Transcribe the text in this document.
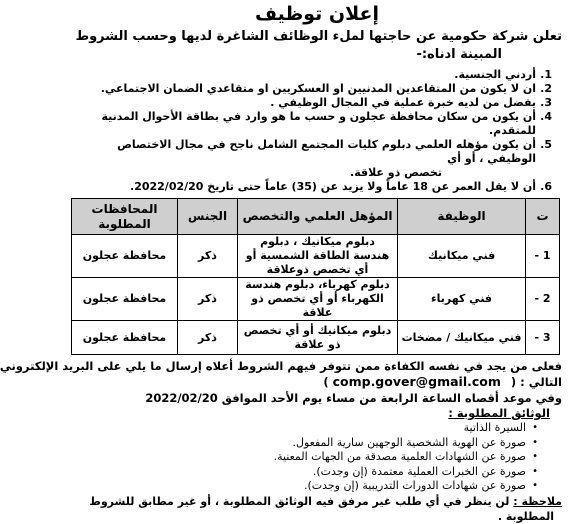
إعلان توظيف
تعلن شركة حكومية عن حاجتها لملء الوظائف الشاغرة لديها وحسب الشروط
المبينة ادناه:-
1.
أردني الجنسية.
2.
ان لا يكون من المتقاعدين المدنيين او العسكريين او متقاعدي الضمان الاجتماعي.
3.
يفضل من لديه خبرة عملية في المجال الوظيفي .
4.
أن يكون من سكان محافظة عجلون و حسب ما هو وارد في بطاقة الأحوال المدنية للمتقدم.
5.
أن يكون مؤهله العلمي دبلوم كليات المجتمع الشامل ناجح في مجال الاختصاص الوظيفي ، أو أي
تخصص ذو علاقة.
6.
أن لا يقل العمر عن 18 عاماً ولا يزيد عن (35) عاماً حتى تاريخ 2022/02/20.
ت	الوظيفة	المؤهل العلمي والتخصص	الجنس	المحافظات المطلوبة
1 -	فني ميكانيك	دبلوم ميكانيك ، دبلوم هندسة الطاقة الشمسية أو أي تخصص ذوعلاقة	ذكر	محافظة عجلون
2 -	فني كهرباء	دبلوم كهرباء، دبلوم هندسة الكهرباء أو أي تخصص ذو علاقة	ذكر	محافظة عجلون
3 -	فني ميكانيك / مضخات	دبلوم ميكانيك أو أي تخصص ذو علاقة	ذكر	محافظة عجلون
فعلى من يجد في نفسه الكفاءة ممن تتوفر فيهم الشروط أعلاه إرسال ما يلي على البريد الإلكتروني
التالي : ( comp.gover@gmail.com )
وفي موعد أقصاه الساعة الرابعة من مساء يوم الأحد الموافق 2022/02/20
الوثائق المطلوبة :
•
السيرة الذاتية
•
صورة عن الهوية الشخصية الوجهين سارية المفعول.
•
صورة عن الشهادات العلمية مصدقة من الجهات المعنية.
•
صورة عن الخبرات العملية معتمدة (إن وجدت).
•
صورة عن شهادات الدورات التدريبية (إن وجدت).
ملاحظة : لن ينظر في أي طلب غير مرفق فيه الوثائق المطلوبة ، أو غير مطابق للشروط
المطلوبة .
